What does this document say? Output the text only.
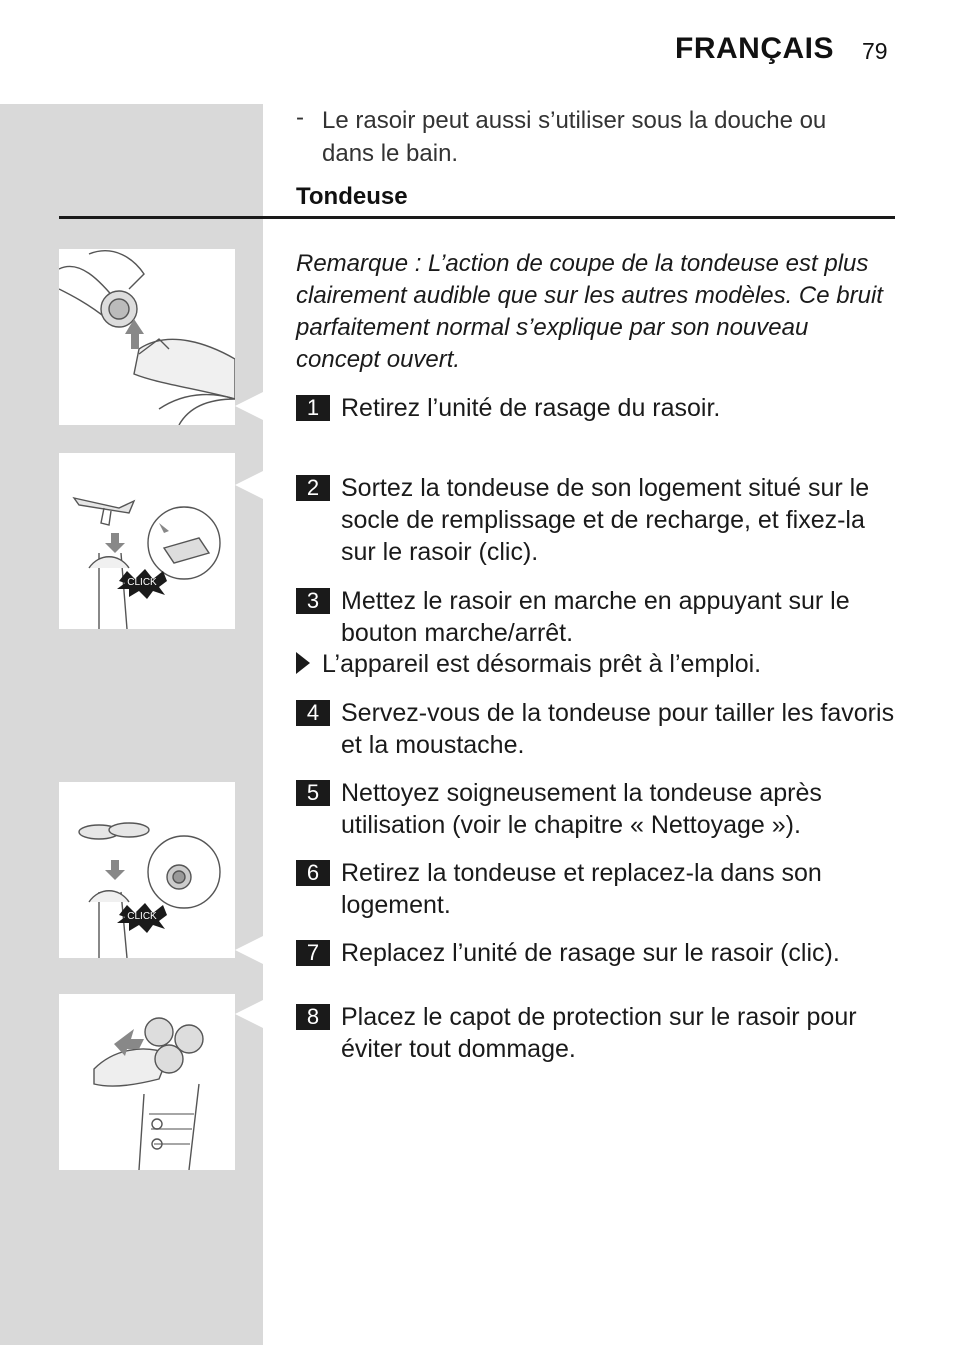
FRANÇAIS 79
- Le rasoir peut aussi s’utiliser sous la douche ou dans le bain.
Tondeuse
Remarque : L’action de coupe de la tondeuse est plus clairement audible que sur les autres modèles. Ce bruit parfaitement normal s’explique par son nouveau concept ouvert.
1 Retirez l’unité de rasage du rasoir.
2 Sortez la tondeuse de son logement situé sur le socle de remplissage et de recharge, et fixez-la sur le rasoir (clic).
3 Mettez le rasoir en marche en appuyant sur le bouton marche/arrêt.
L’appareil est désormais prêt à l’emploi.
4 Servez-vous de la tondeuse pour tailler les favoris et la moustache.
5 Nettoyez soigneusement la tondeuse après utilisation (voir le chapitre « Nettoyage »).
6 Retirez la tondeuse et replacez-la dans son logement.
7 Replacez l’unité de rasage sur le rasoir (clic).
8 Placez le capot de protection sur le rasoir pour éviter tout dommage.
CLICK
CLICK
